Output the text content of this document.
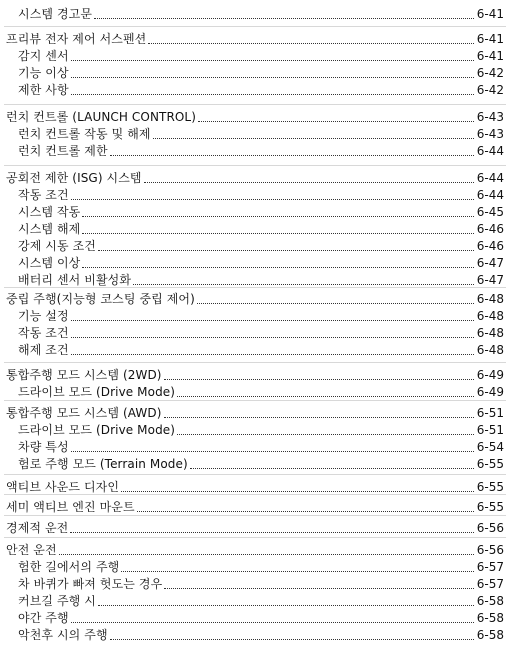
시스템 경고문	6-41
프리뷰 전자 제어 서스펜션	6-41
감지 센서	6-41
기능 이상	6-42
제한 사항	6-42
런치 컨트롤 (LAUNCH CONTROL)	6-43
런치 컨트롤 작동 및 해제	6-43
런치 컨트롤 제한	6-44
공회전 제한 (ISG) 시스템	6-44
작동 조건	6-44
시스템 작동	6-45
시스템 해제	6-46
강제 시동 조건	6-46
시스템 이상	6-47
배터리 센서 비활성화	6-47
중립 주행(지능형 코스팅 중립 제어)	6-48
기능 설정	6-48
작동 조건	6-48
해제 조건	6-48
통합주행 모드 시스템 (2WD)	6-49
드라이브 모드 (Drive Mode)	6-49
통합주행 모드 시스템 (AWD)	6-51
드라이브 모드 (Drive Mode)	6-51
차량 특성	6-54
험로 주행 모드 (Terrain Mode)	6-55
액티브 사운드 디자인	6-55
세미 액티브 엔진 마운트	6-55
경제적 운전	6-56
안전 운전	6-56
험한 길에서의 주행	6-57
차 바퀴가 빠져 헛도는 경우	6-57
커브길 주행 시	6-58
야간 주행	6-58
악천후 시의 주행	6-58
